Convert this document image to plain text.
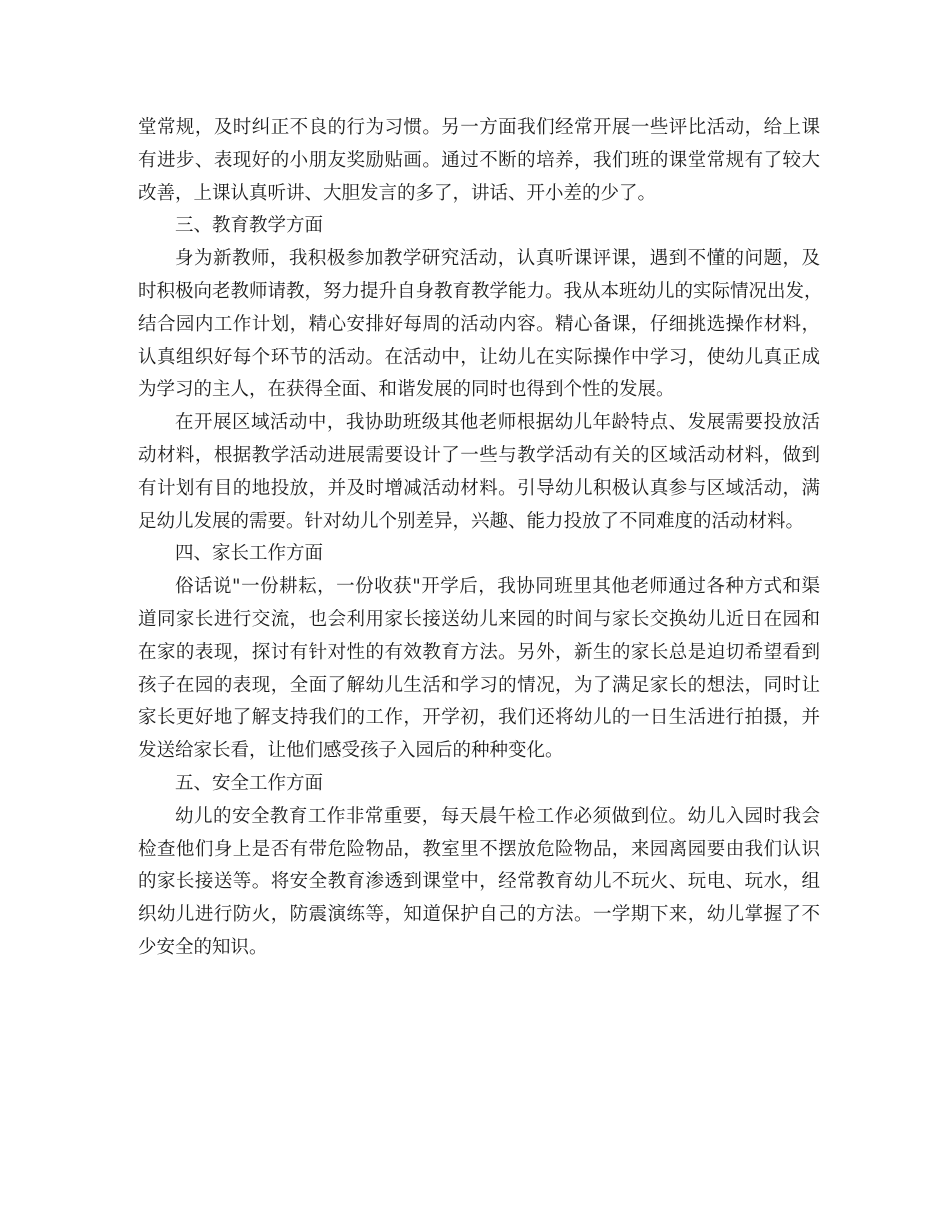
堂常规，及时纠正不良的行为习惯。另一方面我们经常开展一些评比活动，给上课
有进步、表现好的小朋友奖励贴画。通过不断的培养，我们班的课堂常规有了较大
改善，上课认真听讲、大胆发言的多了，讲话、开小差的少了。
三、教育教学方面
身为新教师，我积极参加教学研究活动，认真听课评课，遇到不懂的问题，及
时积极向老教师请教，努力提升自身教育教学能力。我从本班幼儿的实际情况出发，
结合园内工作计划，精心安排好每周的活动内容。精心备课，仔细挑选操作材料，
认真组织好每个环节的活动。在活动中，让幼儿在实际操作中学习，使幼儿真正成
为学习的主人，在获得全面、和谐发展的同时也得到个性的发展。
在开展区域活动中，我协助班级其他老师根据幼儿年龄特点、发展需要投放活
动材料，根据教学活动进展需要设计了一些与教学活动有关的区域活动材料，做到
有计划有目的地投放，并及时增减活动材料。引导幼儿积极认真参与区域活动，满
足幼儿发展的需要。针对幼儿个别差异，兴趣、能力投放了不同难度的活动材料。
四、家长工作方面
俗话说"一份耕耘，一份收获"开学后，我协同班里其他老师通过各种方式和渠
道同家长进行交流，也会利用家长接送幼儿来园的时间与家长交换幼儿近日在园和
在家的表现，探讨有针对性的有效教育方法。另外，新生的家长总是迫切希望看到
孩子在园的表现，全面了解幼儿生活和学习的情况，为了满足家长的想法，同时让
家长更好地了解支持我们的工作，开学初，我们还将幼儿的一日生活进行拍摄，并
发送给家长看，让他们感受孩子入园后的种种变化。
五、安全工作方面
幼儿的安全教育工作非常重要，每天晨午检工作必须做到位。幼儿入园时我会
检查他们身上是否有带危险物品，教室里不摆放危险物品，来园离园要由我们认识
的家长接送等。将安全教育渗透到课堂中，经常教育幼儿不玩火、玩电、玩水，组
织幼儿进行防火，防震演练等，知道保护自己的方法。一学期下来，幼儿掌握了不
少安全的知识。
